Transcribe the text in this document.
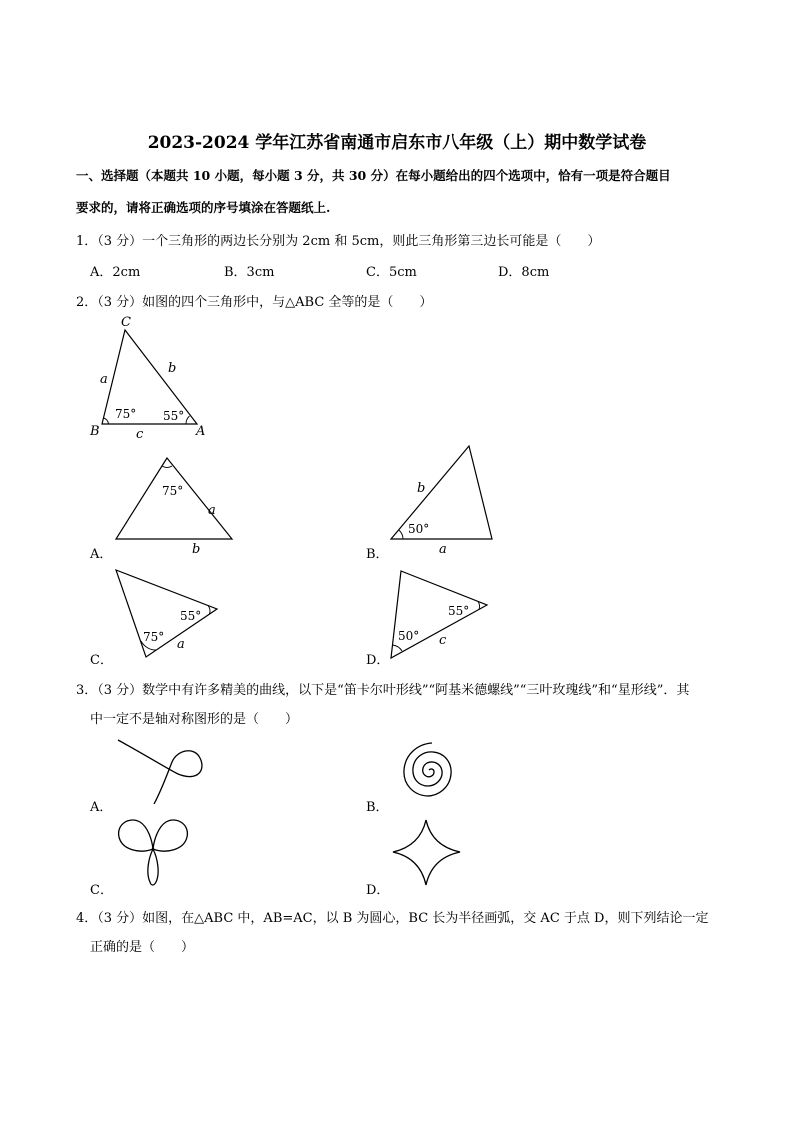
2023-2024 学年江苏省南通市启东市八年级（上）期中数学试卷
一、选择题（本题共 10 小题，每小题 3 分，共 30 分）在每小题给出的四个选项中，恰有一项是符合题目
要求的，请将正确选项的序号填涂在答题纸上.
1．（3 分）一个三角形的两边长分别为 2cm 和 5cm，则此三角形第三边长可能是（　　）
A．2cm	B．3cm	C．5cm	D．8cm
2．（3 分）如图的四个三角形中，与△ABC 全等的是（　　）
C
B	A
a
b
c
75° 55°
A．
75°
a
b	B．
b
50°
a
C．
55°
75° a
D．
55°
50° c
3．（3 分）数学中有许多精美的曲线，以下是“笛卡尔叶形线”“阿基米德螺线”“三叶玫瑰线”和“星形线”．其
中一定不是轴对称图形的是（　　）
A．	B．
C．	D．
4．（3 分）如图，在△ABC 中，AB=AC，以 B 为圆心，BC 长为半径画弧，交 AC 于点 D，则下列结论一定
正确的是（　　）
